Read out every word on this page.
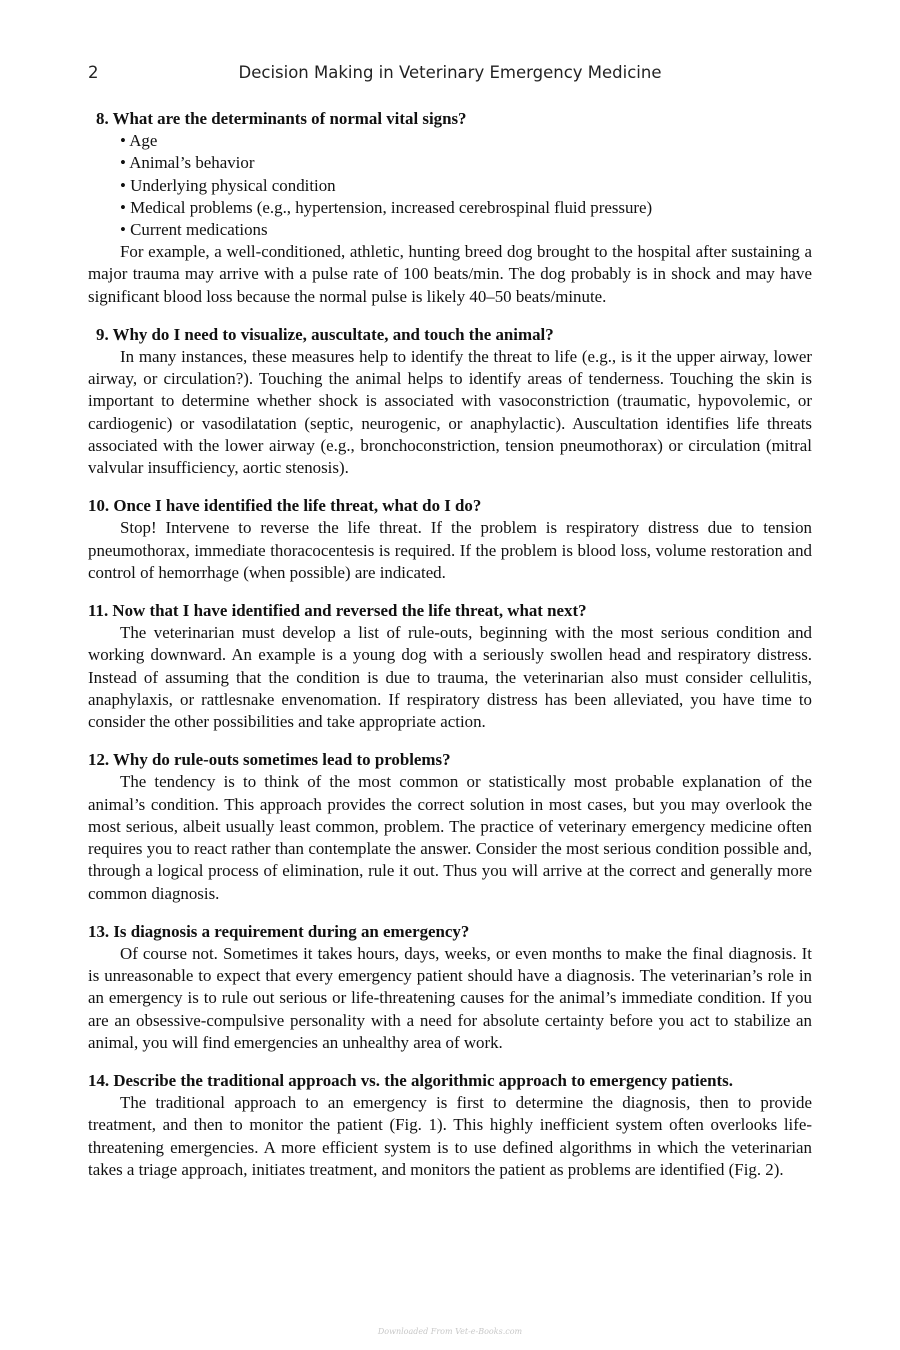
2	Decision Making in Veterinary Emergency Medicine

8. What are the determinants of normal vital signs?

• Age
• Animal’s behavior
• Underlying physical condition
• Medical problems (e.g., hypertension, increased cerebrospinal fluid pressure)
• Current medications

For example, a well-conditioned, athletic, hunting breed dog brought to the hospital after sustaining a major trauma may arrive with a pulse rate of 100 beats/min. The dog probably is in shock and may have significant blood loss because the normal pulse is likely 40–50 beats/minute.

9. Why do I need to visualize, auscultate, and touch the animal?

In many instances, these measures help to identify the threat to life (e.g., is it the upper airway, lower airway, or circulation?). Touching the animal helps to identify areas of tenderness. Touching the skin is important to determine whether shock is associated with vasoconstriction (traumatic, hypovolemic, or cardiogenic) or vasodilatation (septic, neurogenic, or anaphylactic). Auscultation identifies life threats associated with the lower airway (e.g., bronchoconstriction, tension pneumothorax) or circulation (mitral valvular insufficiency, aortic stenosis).

10. Once I have identified the life threat, what do I do?

Stop! Intervene to reverse the life threat. If the problem is respiratory distress due to tension pneumothorax, immediate thoracocentesis is required. If the problem is blood loss, volume restoration and control of hemorrhage (when possible) are indicated.

11. Now that I have identified and reversed the life threat, what next?

The veterinarian must develop a list of rule-outs, beginning with the most serious condition and working downward. An example is a young dog with a seriously swollen head and respiratory distress. Instead of assuming that the condition is due to trauma, the veterinarian also must consider cellulitis, anaphylaxis, or rattlesnake envenomation. If respiratory distress has been alleviated, you have time to consider the other possibilities and take appropriate action.

12. Why do rule-outs sometimes lead to problems?

The tendency is to think of the most common or statistically most probable explanation of the animal’s condition. This approach provides the correct solution in most cases, but you may overlook the most serious, albeit usually least common, problem. The practice of veterinary emergency medicine often requires you to react rather than contemplate the answer. Consider the most serious condition possible and, through a logical process of elimination, rule it out. Thus you will arrive at the correct and generally more common diagnosis.

13. Is diagnosis a requirement during an emergency?

Of course not. Sometimes it takes hours, days, weeks, or even months to make the final diagnosis. It is unreasonable to expect that every emergency patient should have a diagnosis. The veterinarian’s role in an emergency is to rule out serious or life-threatening causes for the animal’s immediate condition. If you are an obsessive-compulsive personality with a need for absolute certainty before you act to stabilize an animal, you will find emergencies an unhealthy area of work.

14. Describe the traditional approach vs. the algorithmic approach to emergency patients.

The traditional approach to an emergency is first to determine the diagnosis, then to provide treatment, and then to monitor the patient (Fig. 1). This highly inefficient system often overlooks life-threatening emergencies. A more efficient system is to use defined algorithms in which the veterinarian takes a triage approach, initiates treatment, and monitors the patient as problems are identified (Fig. 2).

Downloaded From Vet-e-Books.com
